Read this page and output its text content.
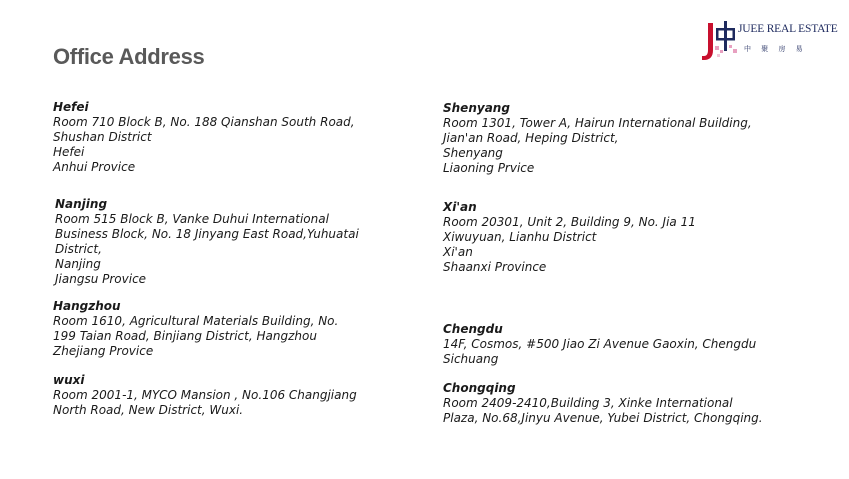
Office Address
JUEE REAL ESTATE
中 聚 房 易
Hefei
Room 710 Block B, No. 188 Qianshan South Road,
Shushan District
Hefei
Anhui Provice
Nanjing
Room 515 Block B, Vanke Duhui International
Business Block, No. 18 Jinyang East Road,Yuhuatai
District,
Nanjing
Jiangsu Provice
Hangzhou
Room 1610, Agricultural Materials Building, No.
199 Taian Road, Binjiang District, Hangzhou
Zhejiang Provice
wuxi
Room 2001-1, MYCO Mansion , No.106 Changjiang
North Road, New District, Wuxi.
Shenyang
Room 1301, Tower A, Hairun International Building,
Jian'an Road, Heping District,
Shenyang
Liaoning Prvice
Xi'an
Room 20301, Unit 2, Building 9, No. Jia 11
Xiwuyuan, Lianhu District
Xi'an
Shaanxi Province
Chengdu
14F, Cosmos, #500 Jiao Zi Avenue Gaoxin, Chengdu
Sichuang
Chongqing
Room 2409-2410,Building 3, Xinke International
Plaza, No.68,Jinyu Avenue, Yubei District, Chongqing.
